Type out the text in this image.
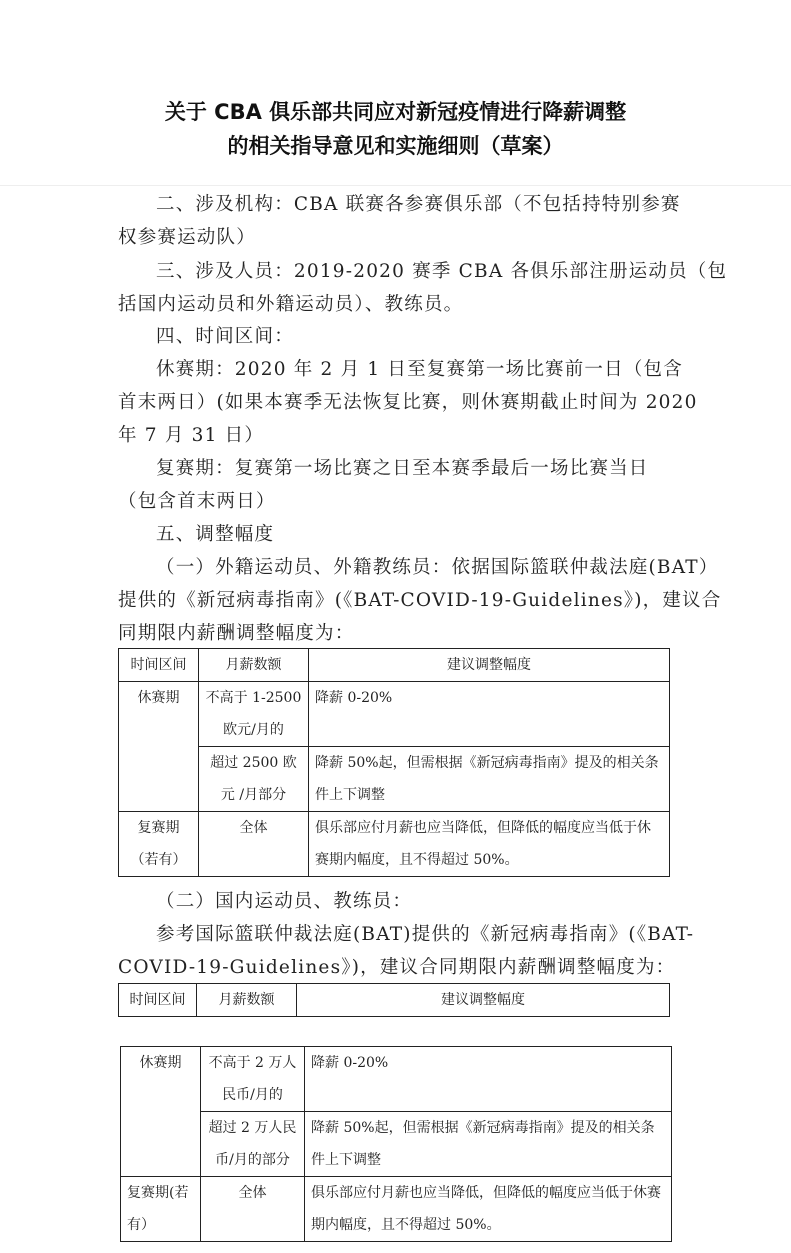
关于 CBA 俱乐部共同应对新冠疫情进行降薪调整
的相关指导意见和实施细则（草案）
二、涉及机构：CBA 联赛各参赛俱乐部（不包括持特别参赛
权参赛运动队）
三、涉及人员：2019-2020 赛季 CBA 各俱乐部注册运动员（包
括国内运动员和外籍运动员）、教练员。
四、时间区间：
休赛期：2020 年 2 月 1 日至复赛第一场比赛前一日（包含
首末两日）(如果本赛季无法恢复比赛，则休赛期截止时间为 2020
年 7 月 31 日）
复赛期：复赛第一场比赛之日至本赛季最后一场比赛当日
（包含首末两日）
五、调整幅度
（一）外籍运动员、外籍教练员：依据国际篮联仲裁法庭(BAT）
提供的《新冠病毒指南》(《BAT-COVID-19-Guidelines》)，建议合
同期限内薪酬调整幅度为：
时间区间	月薪数额	建议调整幅度
休赛期	不高于 1-2500 欧元/月的	降薪 0-20%
	超过 2500 欧元 /月部分	降薪 50%起，但需根据《新冠病毒指南》提及的相关条件上下调整
复赛期（若有）	全体	俱乐部应付月薪也应当降低，但降低的幅度应当低于休赛期内幅度，且不得超过 50%。
（二）国内运动员、教练员：
参考国际篮联仲裁法庭(BAT)提供的《新冠病毒指南》(《BAT-
COVID-19-Guidelines》)，建议合同期限内薪酬调整幅度为：
时间区间	月薪数额	建议调整幅度
休赛期	不高于 2 万人民币/月的	降薪 0-20%
	超过 2 万人民币/月的部分	降薪 50%起，但需根据《新冠病毒指南》提及的相关条件上下调整
复赛期(若有）	全体	俱乐部应付月薪也应当降低，但降低的幅度应当低于休赛期内幅度，且不得超过 50%。
